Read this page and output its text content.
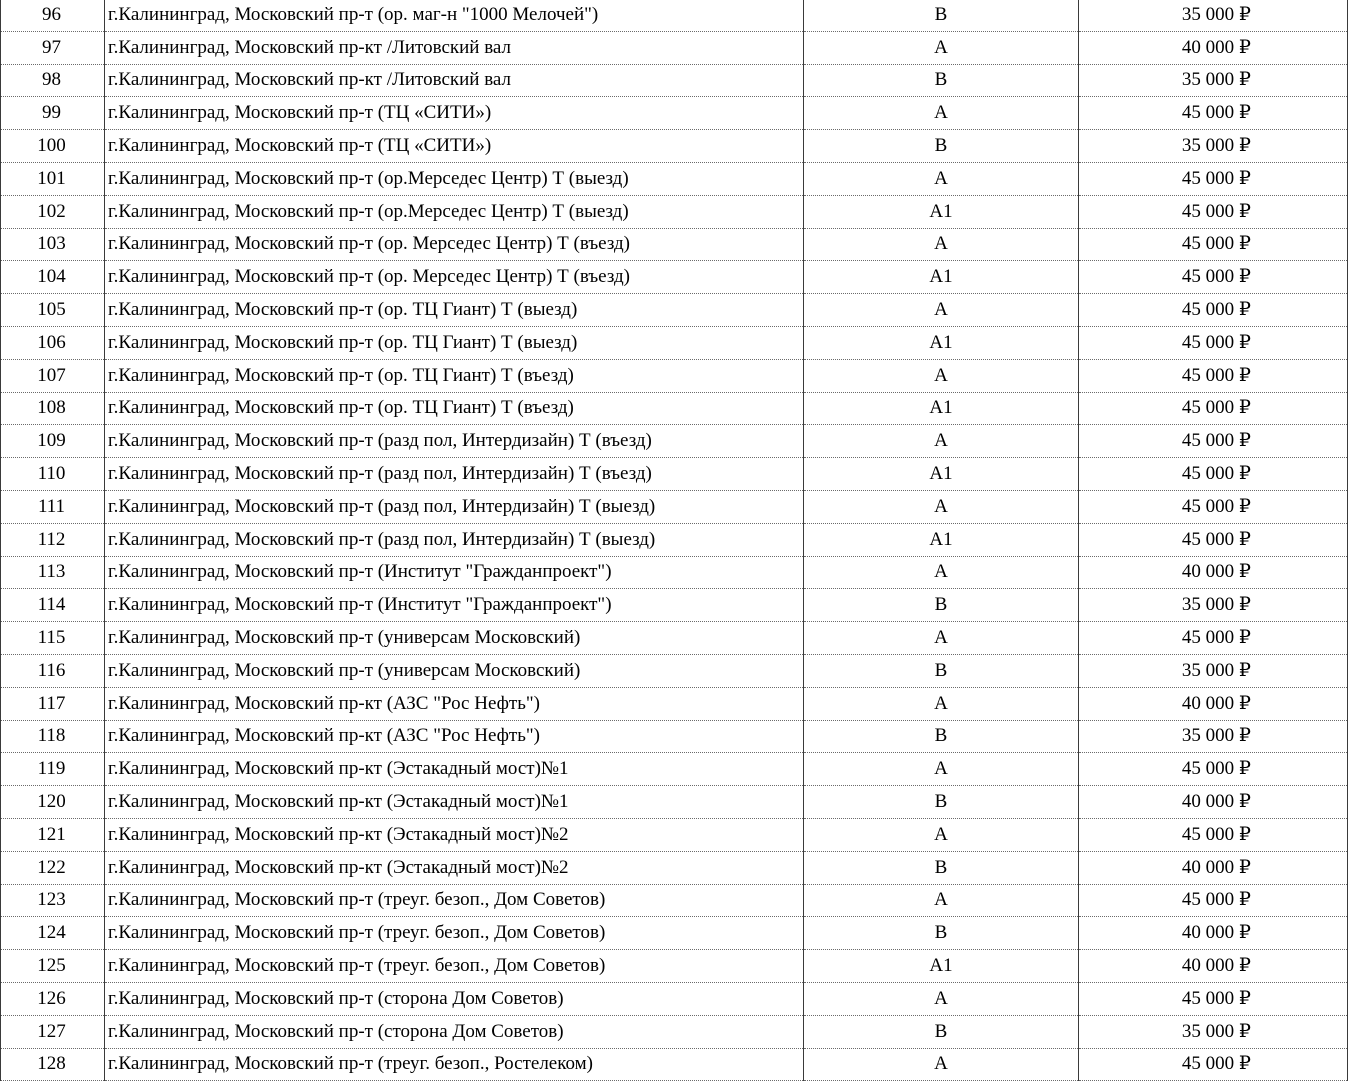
96	г.Калининград, Московский пр-т (ор. маг-н "1000 Мелочей")	В	35 000 ₽
97	г.Калининград, Московский пр-кт /Литовский вал	А	40 000 ₽
98	г.Калининград, Московский пр-кт /Литовский вал	В	35 000 ₽
99	г.Калининград, Московский пр-т (ТЦ «СИТИ»)	А	45 000 ₽
100	г.Калининград, Московский пр-т (ТЦ «СИТИ»)	В	35 000 ₽
101	г.Калининград, Московский пр-т (ор.Мерседес Центр) Т (выезд)	А	45 000 ₽
102	г.Калининград, Московский пр-т (ор.Мерседес Центр) Т (выезд)	А1	45 000 ₽
103	г.Калининград, Московский пр-т (ор. Мерседес Центр) Т (въезд)	А	45 000 ₽
104	г.Калининград, Московский пр-т (ор. Мерседес Центр) Т (въезд)	А1	45 000 ₽
105	г.Калининград, Московский пр-т (ор. ТЦ Гиант) Т (выезд)	А	45 000 ₽
106	г.Калининград, Московский пр-т (ор. ТЦ Гиант) Т (выезд)	А1	45 000 ₽
107	г.Калининград, Московский пр-т (ор. ТЦ Гиант) Т (въезд)	А	45 000 ₽
108	г.Калининград, Московский пр-т (ор. ТЦ Гиант) Т (въезд)	А1	45 000 ₽
109	г.Калининград, Московский пр-т (разд пол, Интердизайн) Т (въезд)	А	45 000 ₽
110	г.Калининград, Московский пр-т (разд пол, Интердизайн) Т (въезд)	А1	45 000 ₽
111	г.Калининград, Московский пр-т (разд пол, Интердизайн) Т (выезд)	А	45 000 ₽
112	г.Калининград, Московский пр-т (разд пол, Интердизайн) Т (выезд)	А1	45 000 ₽
113	г.Калининград, Московский пр-т (Институт "Гражданпроект")	А	40 000 ₽
114	г.Калининград, Московский пр-т (Институт "Гражданпроект")	В	35 000 ₽
115	г.Калининград, Московский пр-т (универсам Московский)	А	45 000 ₽
116	г.Калининград, Московский пр-т (универсам Московский)	В	35 000 ₽
117	г.Калининград, Московский пр-кт (АЗС "Рос Нефть")	А	40 000 ₽
118	г.Калининград, Московский пр-кт (АЗС "Рос Нефть")	В	35 000 ₽
119	г.Калининград, Московский пр-кт (Эстакадный мост)№1	А	45 000 ₽
120	г.Калининград, Московский пр-кт (Эстакадный мост)№1	В	40 000 ₽
121	г.Калининград, Московский пр-кт (Эстакадный мост)№2	А	45 000 ₽
122	г.Калининград, Московский пр-кт (Эстакадный мост)№2	В	40 000 ₽
123	г.Калининград, Московский пр-т (треуг. безоп., Дом Советов)	А	45 000 ₽
124	г.Калининград, Московский пр-т (треуг. безоп., Дом Советов)	В	40 000 ₽
125	г.Калининград, Московский пр-т (треуг. безоп., Дом Советов)	А1	40 000 ₽
126	г.Калининград, Московский пр-т (сторона Дом Советов)	А	45 000 ₽
127	г.Калининград, Московский пр-т (сторона Дом Советов)	В	35 000 ₽
128	г.Калининград, Московский пр-т (треуг. безоп., Ростелеком)	А	45 000 ₽
